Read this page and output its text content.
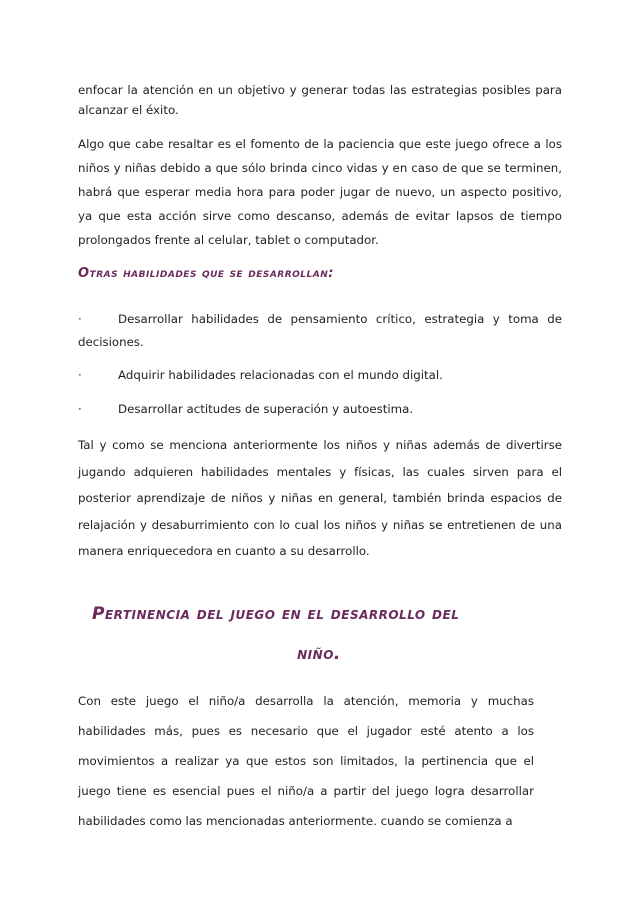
enfocar la atención en un objetivo y generar todas las estrategias posibles para alcanzar el éxito.

Algo que cabe resaltar es el fomento de la paciencia que este juego ofrece a los niños y niñas debido a que sólo brinda cinco vidas y en caso de que se terminen, habrá que esperar media hora para poder jugar de nuevo, un aspecto positivo, ya que esta acción sirve como descanso, además de evitar lapsos de tiempo prolongados frente al celular, tablet o computador.

Otras habilidades que se desarrollan:
·	Desarrollar habilidades de pensamiento crítico, estrategia y toma de
decisiones.
·	Adquirir habilidades relacionadas con el mundo digital.
·	Desarrollar actitudes de superación y autoestima.

Tal y como se menciona anteriormente los niños y niñas además de divertirse jugando adquieren habilidades mentales y físicas, las cuales sirven para el posterior aprendizaje de niños y niñas en general, también brinda espacios de relajación y desaburrimiento con lo cual los niños y niñas se entretienen de una manera enriquecedora en cuanto a su desarrollo.

Pertinencia del juego en el desarrollo del
niño.

Con este juego el niño/a desarrolla la atención, memoria y muchas habilidades más, pues es necesario que el jugador esté atento a los movimientos a realizar ya que estos son limitados, la pertinencia que el juego tiene es esencial pues el niño/a a partir del juego logra desarrollar habilidades como las mencionadas anteriormente. cuando se comienza a
